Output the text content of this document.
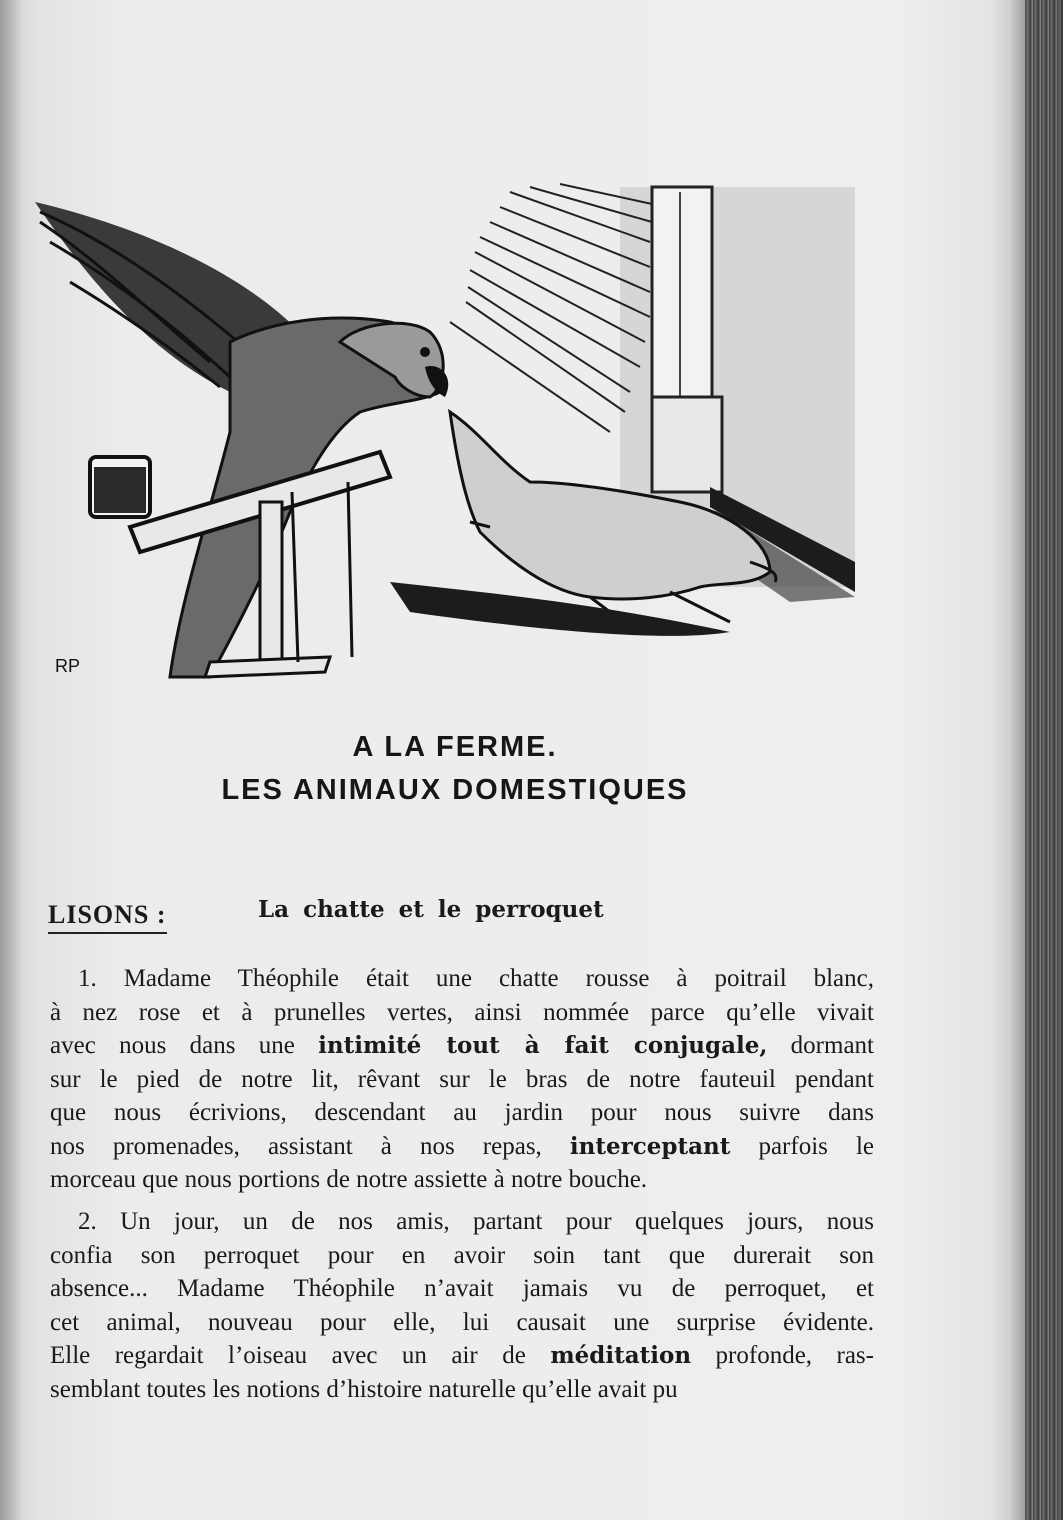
RP
A LA FERME.
LES ANIMAUX DOMESTIQUES
LISONS :	La chatte et le perroquet
1. Madame Théophile était une chatte rousse à poitrail blanc,
à nez rose et à prunelles vertes, ainsi nommée parce qu’elle vivait
avec nous dans une intimité tout à fait conjugale, dormant
sur le pied de notre lit, rêvant sur le bras de notre fauteuil pendant
que nous écrivions, descendant au jardin pour nous suivre dans
nos promenades, assistant à nos repas, interceptant parfois le
morceau que nous portions de notre assiette à notre bouche.
2. Un jour, un de nos amis, partant pour quelques jours, nous
confia son perroquet pour en avoir soin tant que durerait son
absence... Madame Théophile n’avait jamais vu de perroquet, et
cet animal, nouveau pour elle, lui causait une surprise évidente.
Elle regardait l’oiseau avec un air de méditation profonde, ras-
semblant toutes les notions d’histoire naturelle qu’elle avait pu
